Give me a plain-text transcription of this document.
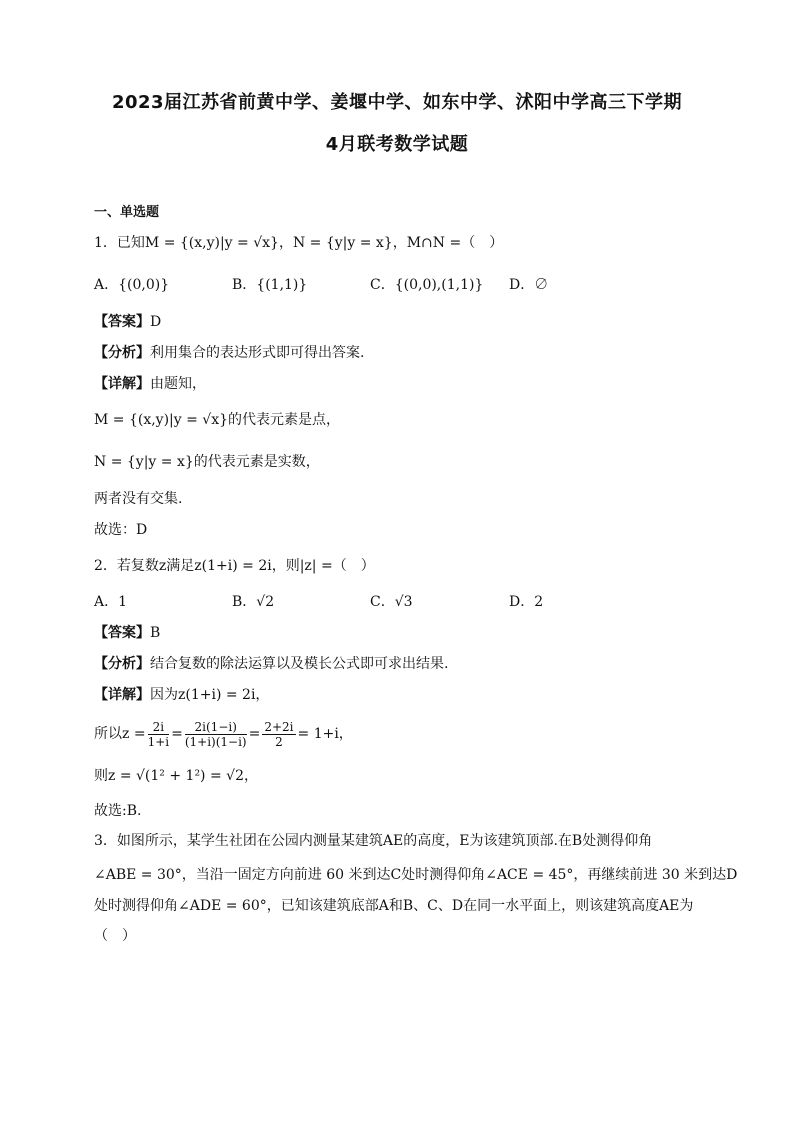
2023届江苏省前黄中学、姜堰中学、如东中学、沭阳中学高三下学期
4月联考数学试题
一、单选题
1．已知M = {(x,y)|y = √x}，N = {y|y = x}，M∩N =（　）
A．{(0,0)}	B．{(1,1)}	C．{(0,0),(1,1)} D．∅
【答案】D
【分析】利用集合的表达形式即可得出答案.
【详解】由题知，
M = {(x,y)|y = √x}的代表元素是点，
N = {y|y = x}的代表元素是实数，
两者没有交集.
故选：D
2．若复数z满足z(1+i) = 2i，则|z| =（　）
A．1	B．√2	C．√3	D．2
【答案】B
【分析】结合复数的除法运算以及模长公式即可求出结果.
【详解】因为z(1+i) = 2i，
所以$z = \frac{2i}{1+i} = \frac{2i(1-i)}{(1+i)(1-i)} = \frac{2+2i}{2} = 1+i$，
则z = √(1² + 1²) = √2，
故选:B.
3．如图所示，某学生社团在公园内测量某建筑AE的高度，E为该建筑顶部.在B处测得仰角
∠ABE = 30°，当沿一固定方向前进 60 米到达C处时测得仰角∠ACE = 45°，再继续前进 30 米到达D
处时测得仰角∠ADE = 60°，已知该建筑底部A和B、C、D在同一水平面上，则该建筑高度AE为
（　）
